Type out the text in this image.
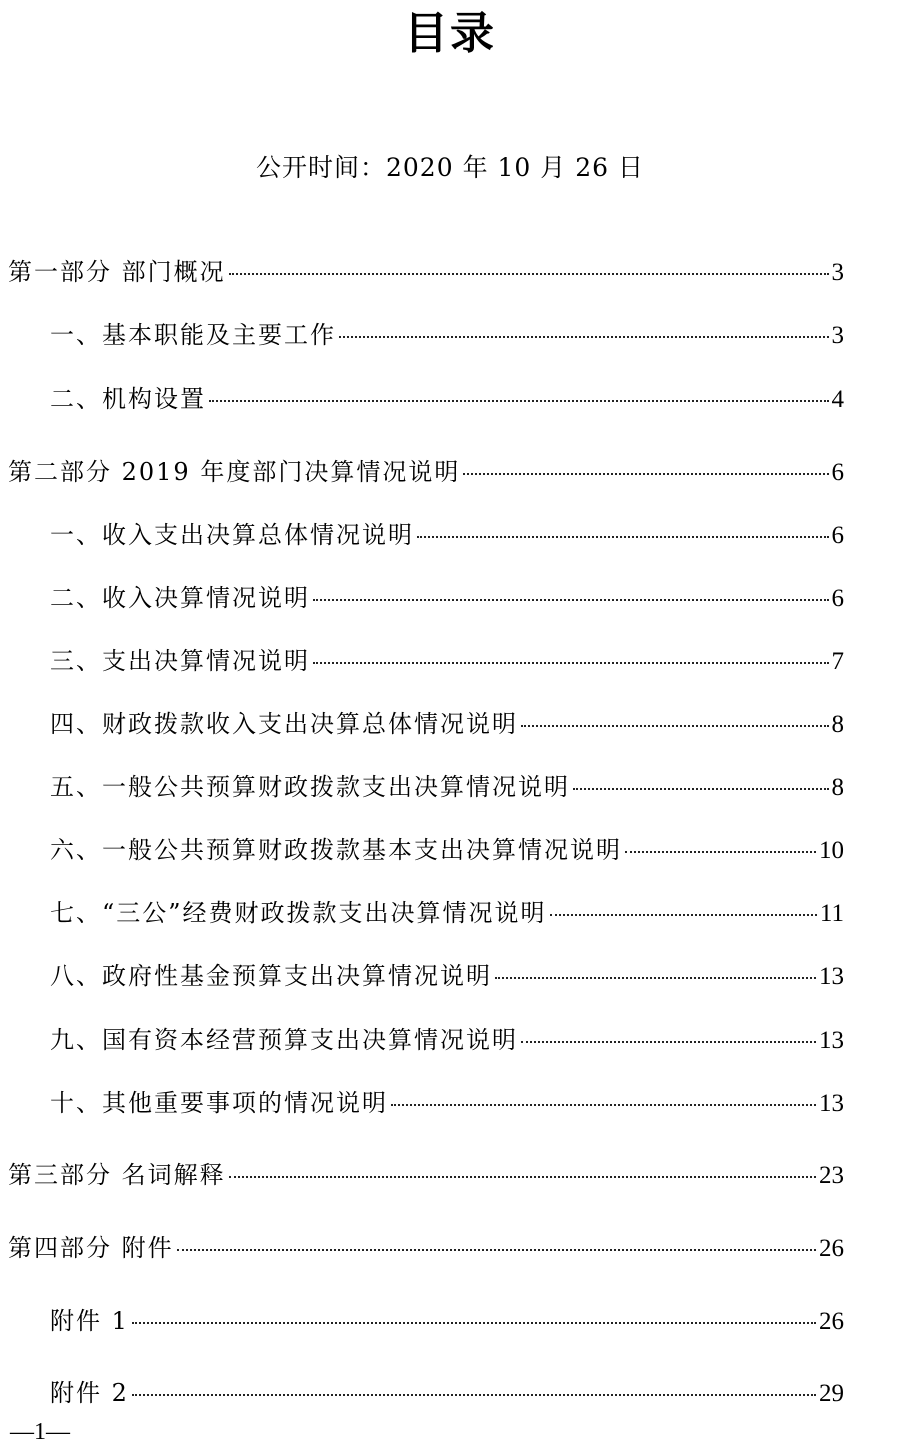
目录
公开时间：2020 年 10 月 26 日
第一部分 部门概况	3
一、基本职能及主要工作	3
二、机构设置	4
第二部分 2019 年度部门决算情况说明	6
一、收入支出决算总体情况说明	6
二、收入决算情况说明	6
三、支出决算情况说明	7
四、财政拨款收入支出决算总体情况说明	8
五、一般公共预算财政拨款支出决算情况说明	8
六、一般公共预算财政拨款基本支出决算情况说明	10
七、“三公”经费财政拨款支出决算情况说明	11
八、政府性基金预算支出决算情况说明	13
九、国有资本经营预算支出决算情况说明	13
十、其他重要事项的情况说明	13
第三部分 名词解释	23
第四部分 附件	26
附件 1	26
附件 2	29
—1—
